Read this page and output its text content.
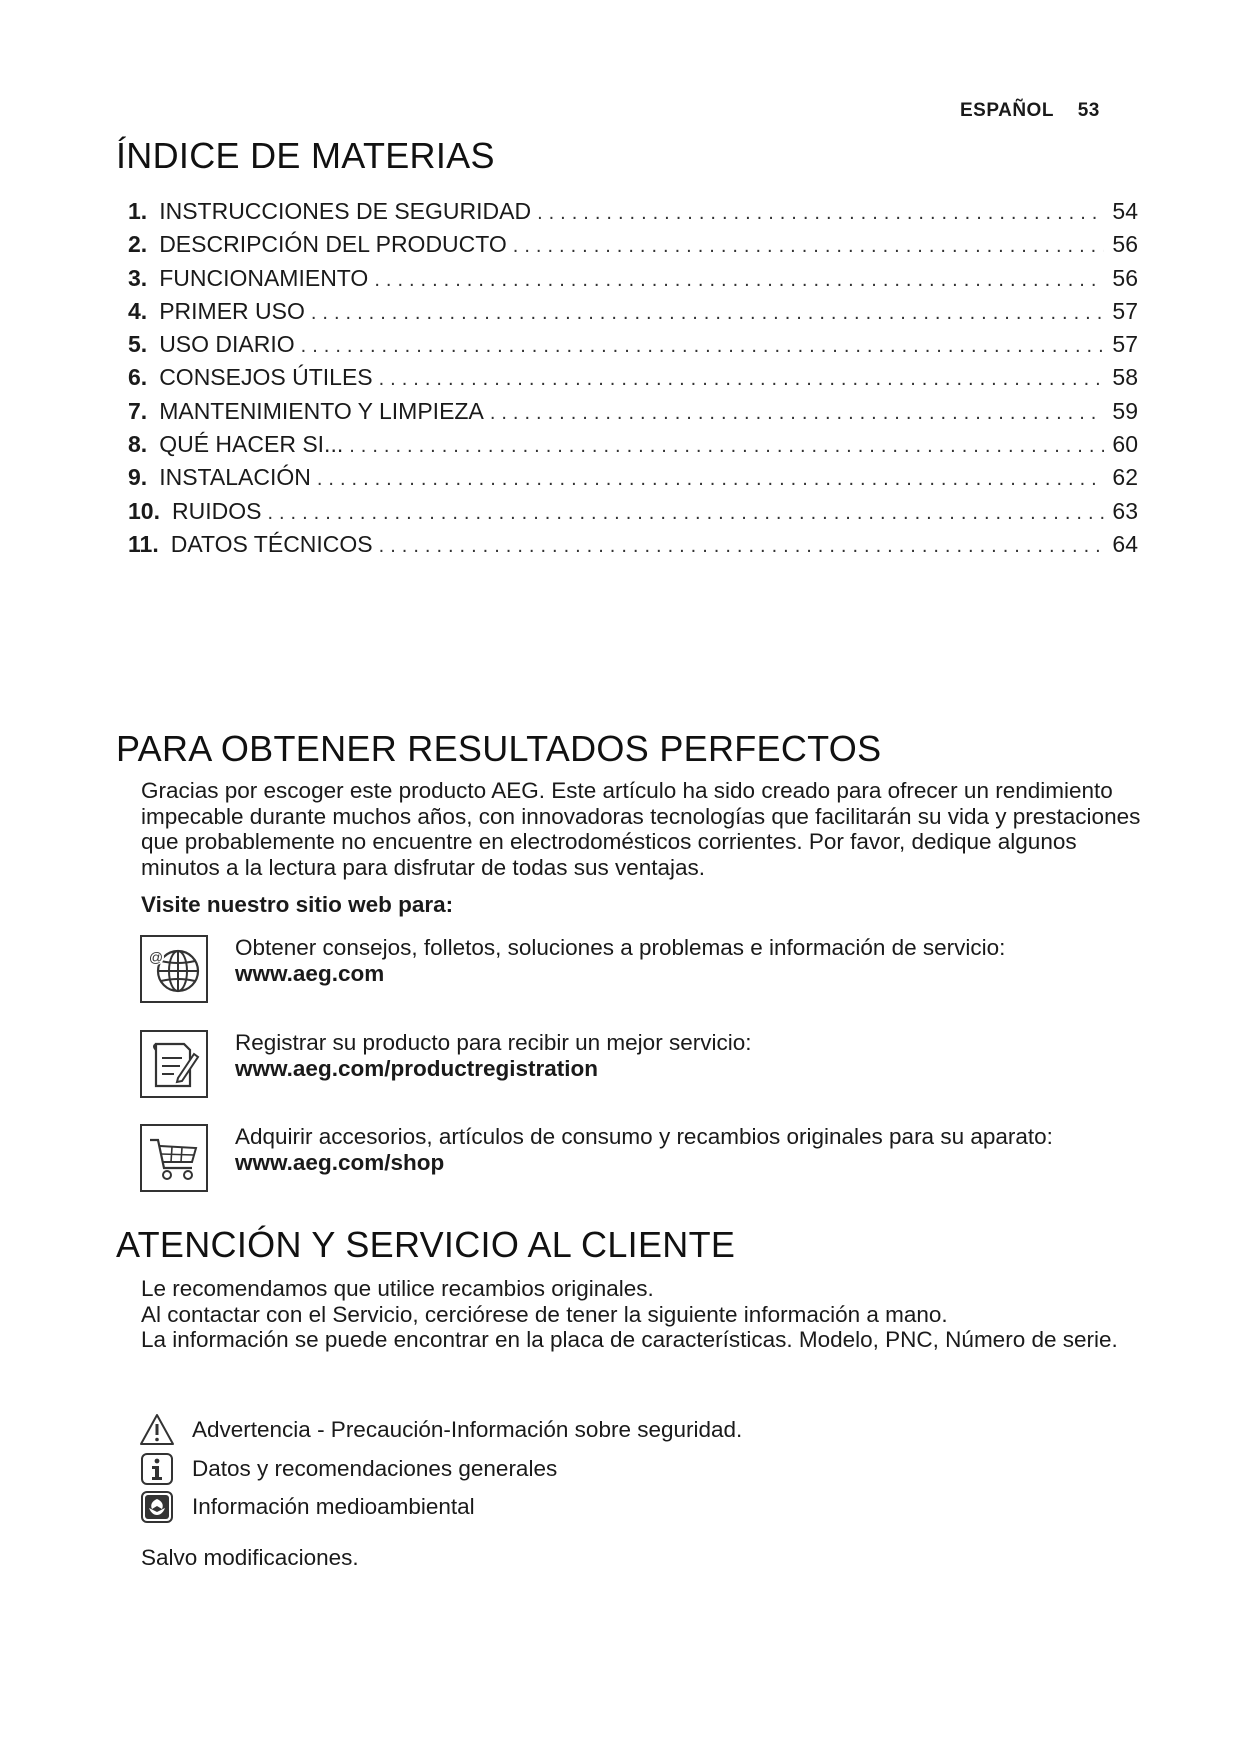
ESPAÑOL 53
ÍNDICE DE MATERIAS
1. INSTRUCCIONES DE SEGURIDAD .....	54
2. DESCRIPCIÓN DEL PRODUCTO .....	56
3. FUNCIONAMIENTO .....	56
4. PRIMER USO .....	57
5. USO DIARIO .....	57
6. CONSEJOS ÚTILES .....	58
7. MANTENIMIENTO Y LIMPIEZA .....	59
8. QUÉ HACER SI... .....	60
9. INSTALACIÓN .....	62
10. RUIDOS .....	63
11. DATOS TÉCNICOS .....	64
PARA OBTENER RESULTADOS PERFECTOS

Gracias por escoger este producto AEG. Este artículo ha sido creado para ofrecer un rendimiento impecable durante muchos años, con innovadoras tecnologías que facilitarán su vida y prestaciones que probablemente no encuentre en electrodomésticos corrientes. Por favor, dedique algunos minutos a la lectura para disfrutar de todas sus ventajas.

Visite nuestro sitio web para:
@	Obtener consejos, folletos, soluciones a problemas e información de servicio:
www.aeg.com
Registrar su producto para recibir un mejor servicio:
www.aeg.com/productregistration
Adquirir accesorios, artículos de consumo y recambios originales para su aparato:
www.aeg.com/shop
ATENCIÓN Y SERVICIO AL CLIENTE
Le recomendamos que utilice recambios originales.
Al contactar con el Servicio, cerciórese de tener la siguiente información a mano.
La información se puede encontrar en la placa de características. Modelo, PNC, Número de serie.
Advertencia - Precaución-Información sobre seguridad.
Datos y recomendaciones generales
Información medioambiental
Salvo modificaciones.
